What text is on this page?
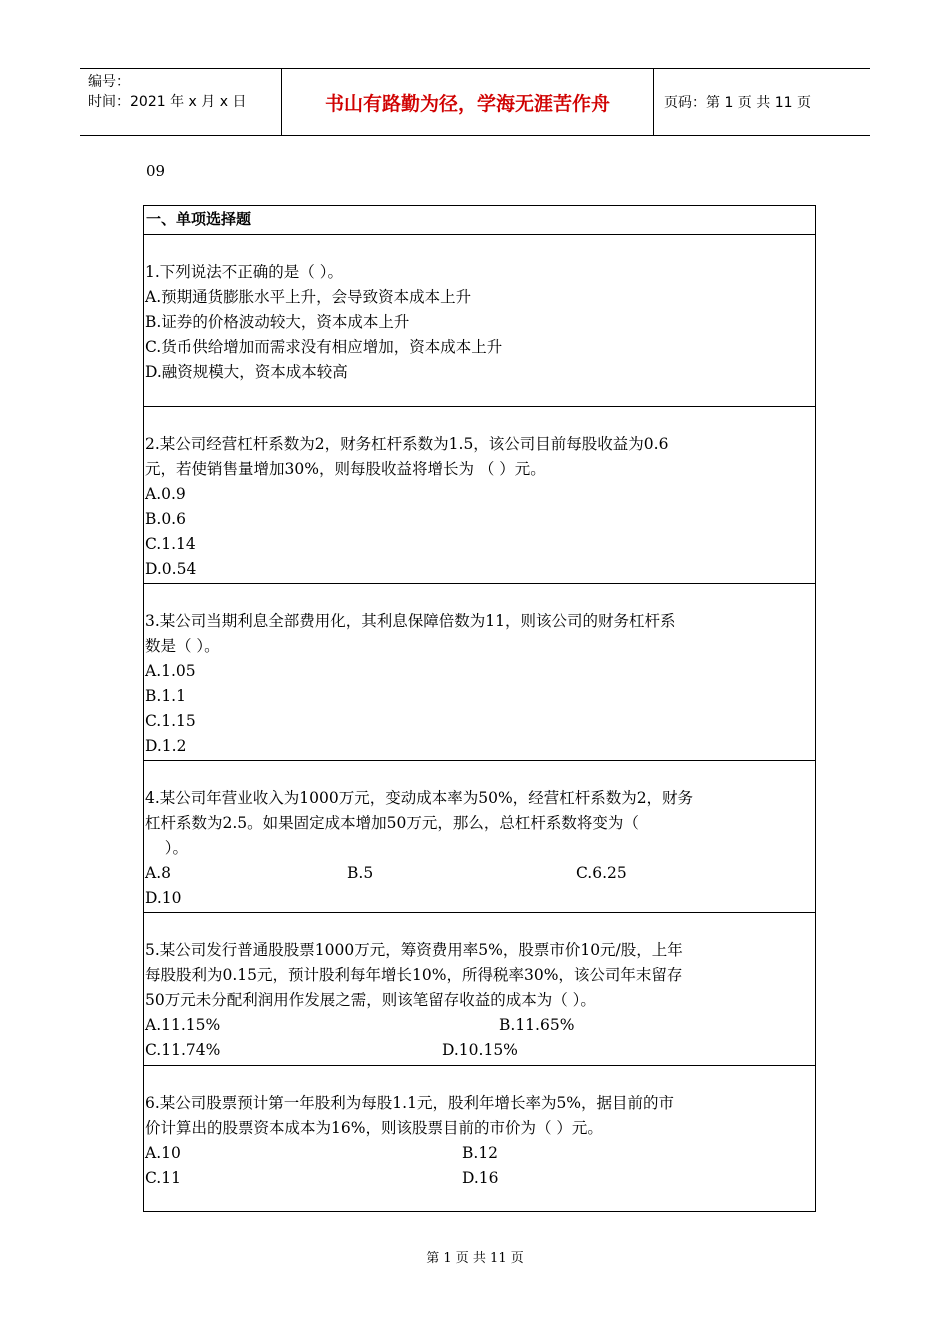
编号：
时间：2021 年 x 月 x 日	书山有路勤为径，学海无涯苦作舟	页码：第 1 页 共 11 页
09
一、单项选择题
1.下列说法不正确的是（ ）。
A.预期通货膨胀水平上升，会导致资本成本上升
B.证券的价格波动较大，资本成本上升
C.货币供给增加而需求没有相应增加，资本成本上升
D.融资规模大，资本成本较高
2.某公司经营杠杆系数为2，财务杠杆系数为1.5，该公司目前每股收益为0.6
元，若使销售量增加30%，则每股收益将增长为 （ ）元。
A.0.9
B.0.6
C.1.14
D.0.54
3.某公司当期利息全部费用化，其利息保障倍数为11，则该公司的财务杠杆系
数是（ ）。
A.1.05
B.1.1
C.1.15
D.1.2
4.某公司年营业收入为1000万元，变动成本率为50%，经营杠杆系数为2，财务
杠杆系数为2.5。如果固定成本增加50万元，那么，总杠杆系数将变为（
）。
A.8	B.5	C.6.25
D.10
5.某公司发行普通股股票1000万元，筹资费用率5%，股票市价10元/股，上年
每股股利为0.15元，预计股利每年增长10%，所得税率30%，该公司年末留存
50万元未分配利润用作发展之需，则该笔留存收益的成本为（ ）。
A.11.15%	B.11.65%
C.11.74%	D.10.15%
6.某公司股票预计第一年股利为每股1.1元，股利年增长率为5%，据目前的市
价计算出的股票资本成本为16%，则该股票目前的市价为（ ）元。
A.10	B.12
C.11	D.16
第 1 页 共 11 页
